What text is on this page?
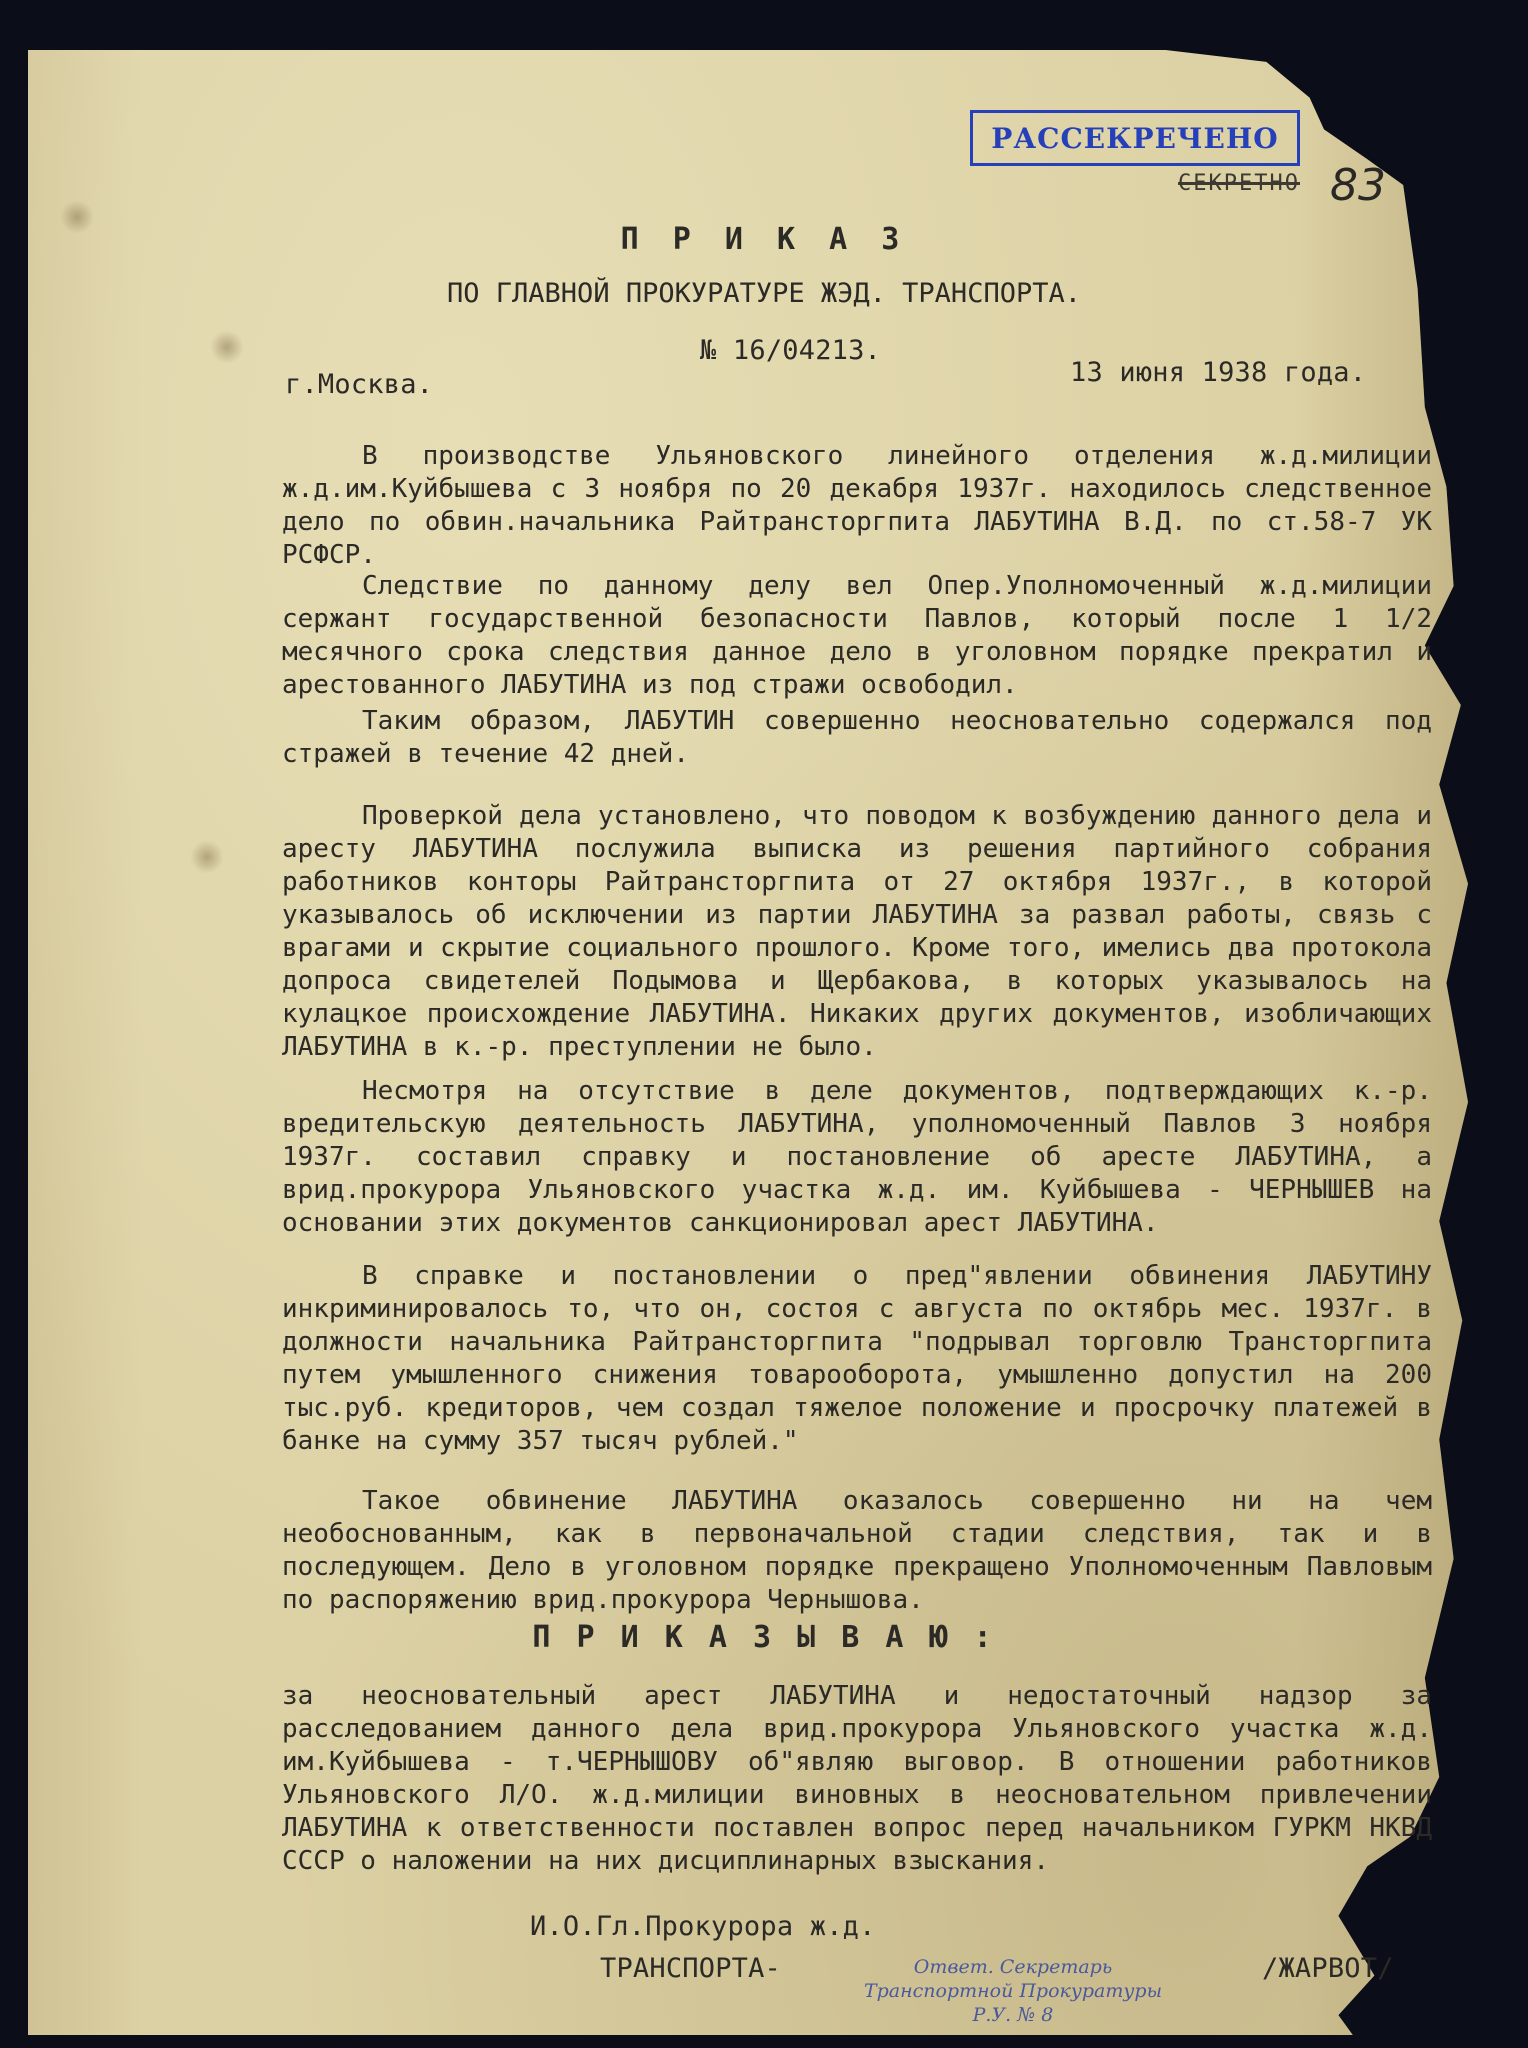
РАССЕКРЕЧЕНО
СЕКРЕТНО 83
П Р И К А З
ПО ГЛАВНОЙ ПРОКУРАТУРЕ ЖЭД. ТРАНСПОРТА.
№ 16/04213.
г.Москва.	13 июня 1938 года.
В производстве Ульяновского линейного отделения ж.д.милиции ж.д.им.Куйбышева с 3 ноября по 20 декабря 1937г. находилось следственное дело по обвин.начальника Райтрансторгпита ЛАБУТИНА В.Д. по ст.58-7 УК РСФСР.
Следствие по данному делу вел Опер.Уполномоченный ж.д.милиции сержант государственной безопасности Павлов, который после 1 1/2 месячного срока следствия данное дело в уголовном порядке прекратил и арестованного ЛАБУТИНА из под стражи освободил.
Таким образом, ЛАБУТИН совершенно неосновательно содержался под стражей в течение 42 дней.
Проверкой дела установлено, что поводом к возбуждению данного дела и аресту ЛАБУТИНА послужила выписка из решения партийного собрания работников конторы Райтрансторгпита от 27 октября 1937г., в которой указывалось об исключении из партии ЛАБУТИНА за развал работы, связь с врагами и скрытие социального прошлого. Кроме того, имелись два протокола допроса свидетелей Подымова и Щербакова, в которых указывалось на кулацкое происхождение ЛАБУТИНА. Никаких других документов, изобличающих ЛАБУТИНА в к.-р. преступлении не было.
Несмотря на отсутствие в деле документов, подтверждающих к.-р. вредительскую деятельность ЛАБУТИНА, уполномоченный Павлов 3 ноября 1937г. составил справку и постановление об аресте ЛАБУТИНА, а врид.прокурора Ульяновского участка ж.д. им. Куйбышева - ЧЕРНЫШЕВ на основании этих документов санкционировал арест ЛАБУТИНА.
В справке и постановлении о пред"явлении обвинения ЛАБУТИНУ инкриминировалось то, что он, состоя с августа по октябрь мес. 1937г. в должности начальника Райтрансторгпита "подрывал торговлю Трансторгпита путем умышленного снижения товарооборота, умышленно допустил на 200 тыс.руб. кредиторов, чем создал тяжелое положение и просрочку платежей в банке на сумму 357 тысяч рублей."
Такое обвинение ЛАБУТИНА оказалось совершенно ни на чем необоснованным, как в первоначальной стадии следствия, так и в последующем. Дело в уголовном порядке прекращено Уполномоченным Павловым по распоряжению врид.прокурора Чернышова.
П Р И К А З Ы В А Ю :
за неосновательный арест ЛАБУТИНА и недостаточный надзор за расследованием данного дела врид.прокурора Ульяновского участка ж.д. им.Куйбышева - т.ЧЕРНЫШОВУ об"являю выговор. В отношении работников Ульяновского Л/О. ж.д.милиции виновных в неосновательном привлечении ЛАБУТИНА к ответственности поставлен вопрос перед начальником ГУРКМ НКВД СССР о наложении на них дисциплинарных взыскания.
И.О.Гл.Прокурора ж.д.
ТРАНСПОРТА-	/ЖАРВОТ/
Ответ. Секретарь
Транспортной Прокуратуры
Р.У. № 8
